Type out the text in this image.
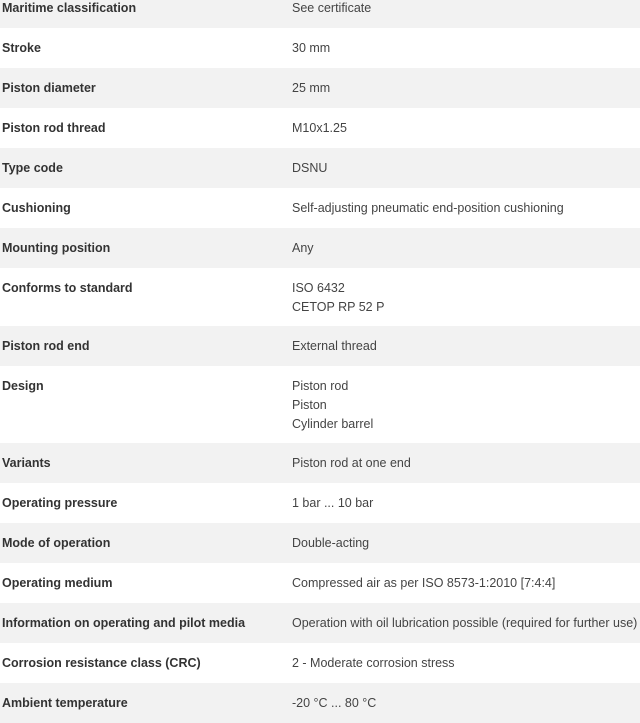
Maritime classification	See certificate
Stroke	30 mm
Piston diameter	25 mm
Piston rod thread	M10x1.25
Type code	DSNU
Cushioning	Self-adjusting pneumatic end-position cushioning
Mounting position	Any
Conforms to standard	ISO 6432
CETOP RP 52 P
Piston rod end	External thread
Design	Piston rod
Piston
Cylinder barrel
Variants	Piston rod at one end
Operating pressure	1 bar ... 10 bar
Mode of operation	Double-acting
Operating medium	Compressed air as per ISO 8573-1:2010 [7:4:4]
Information on operating and pilot media	Operation with oil lubrication possible (required for further use)
Corrosion resistance class (CRC)	2 - Moderate corrosion stress
Ambient temperature	-20 °C ... 80 °C
